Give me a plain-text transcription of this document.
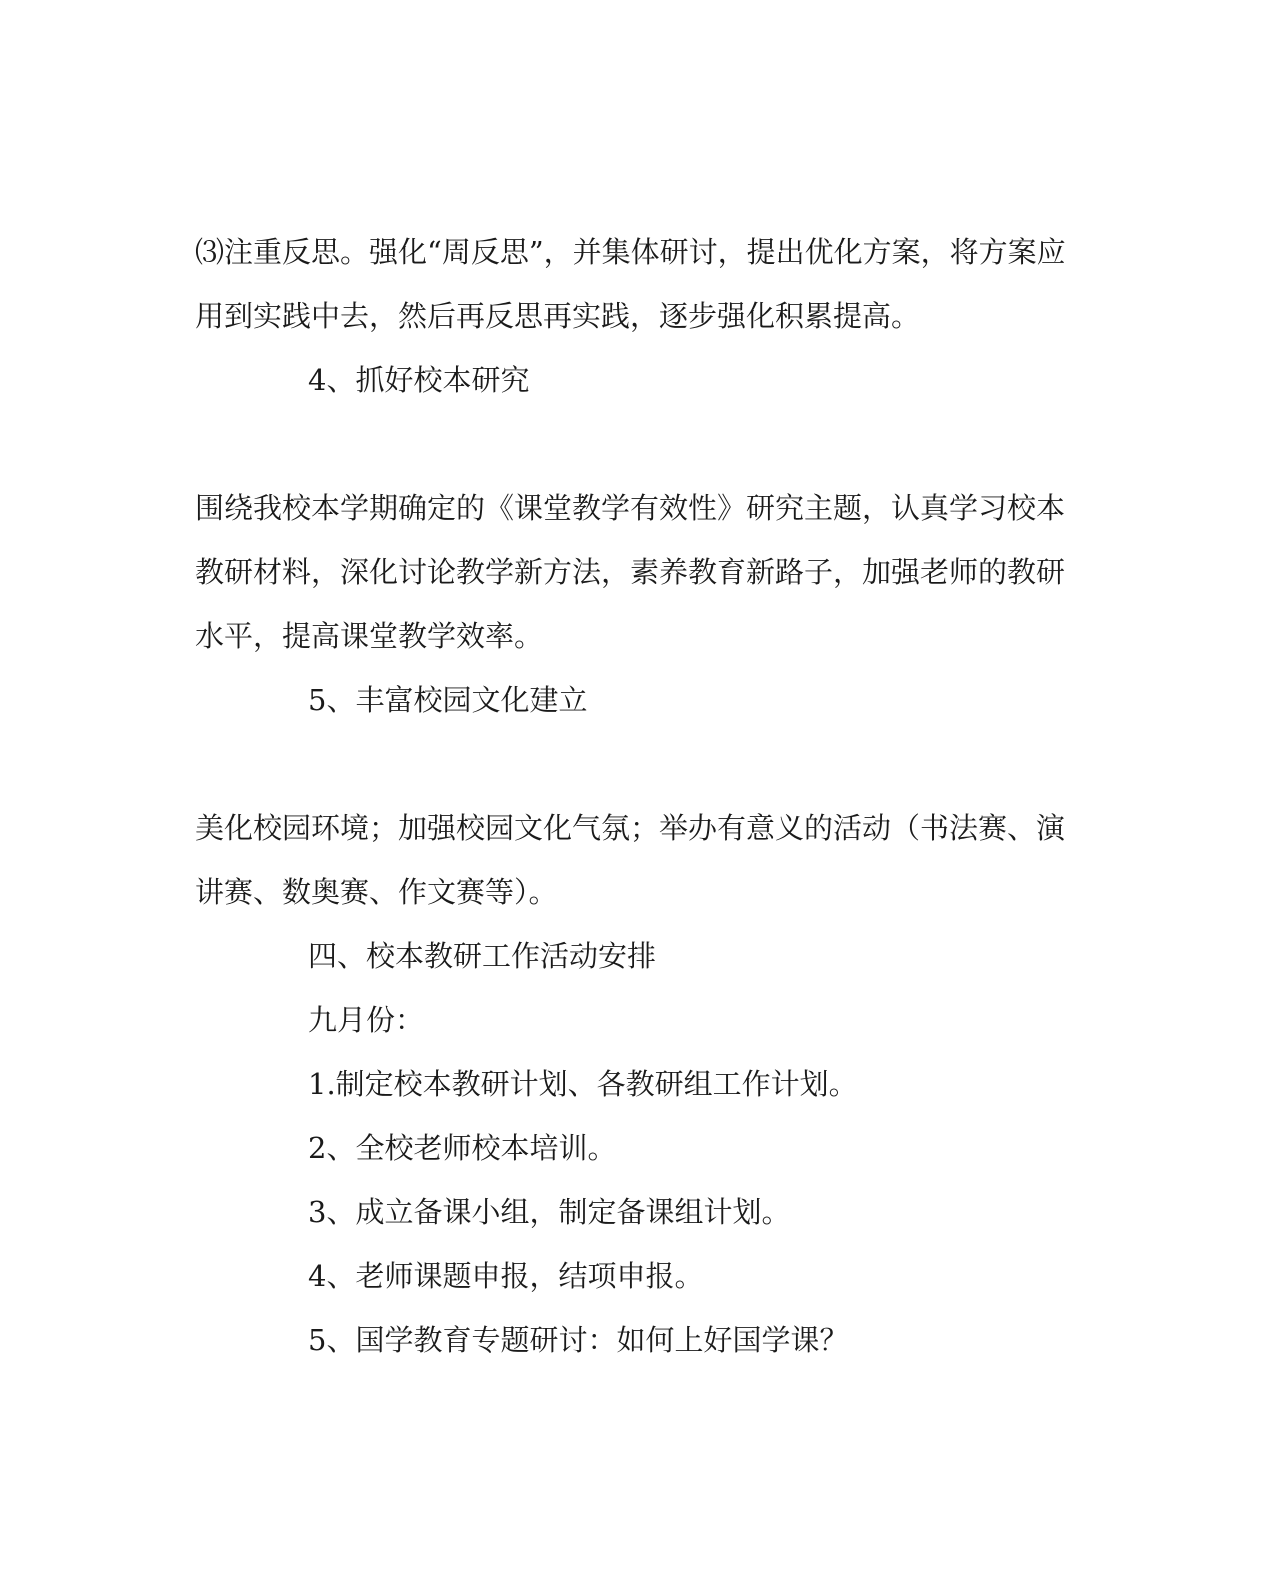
⑶注重反思。强化“周反思”，并集体研讨，提出优化方案，将方案应
用到实践中去，然后再反思再实践，逐步强化积累提高。
4、抓好校本研究
围绕我校本学期确定的《课堂教学有效性》研究主题，认真学习校本
教研材料，深化讨论教学新方法，素养教育新路子，加强老师的教研
水平，提高课堂教学效率。
5、丰富校园文化建立
美化校园环境；加强校园文化气氛；举办有意义的活动（书法赛、演
讲赛、数奥赛、作文赛等）。
四、校本教研工作活动安排
九月份：
1.制定校本教研计划、各教研组工作计划。
2、全校老师校本培训。
3、成立备课小组，制定备课组计划。
4、老师课题申报，结项申报。
5、国学教育专题研讨：如何上好国学课？
